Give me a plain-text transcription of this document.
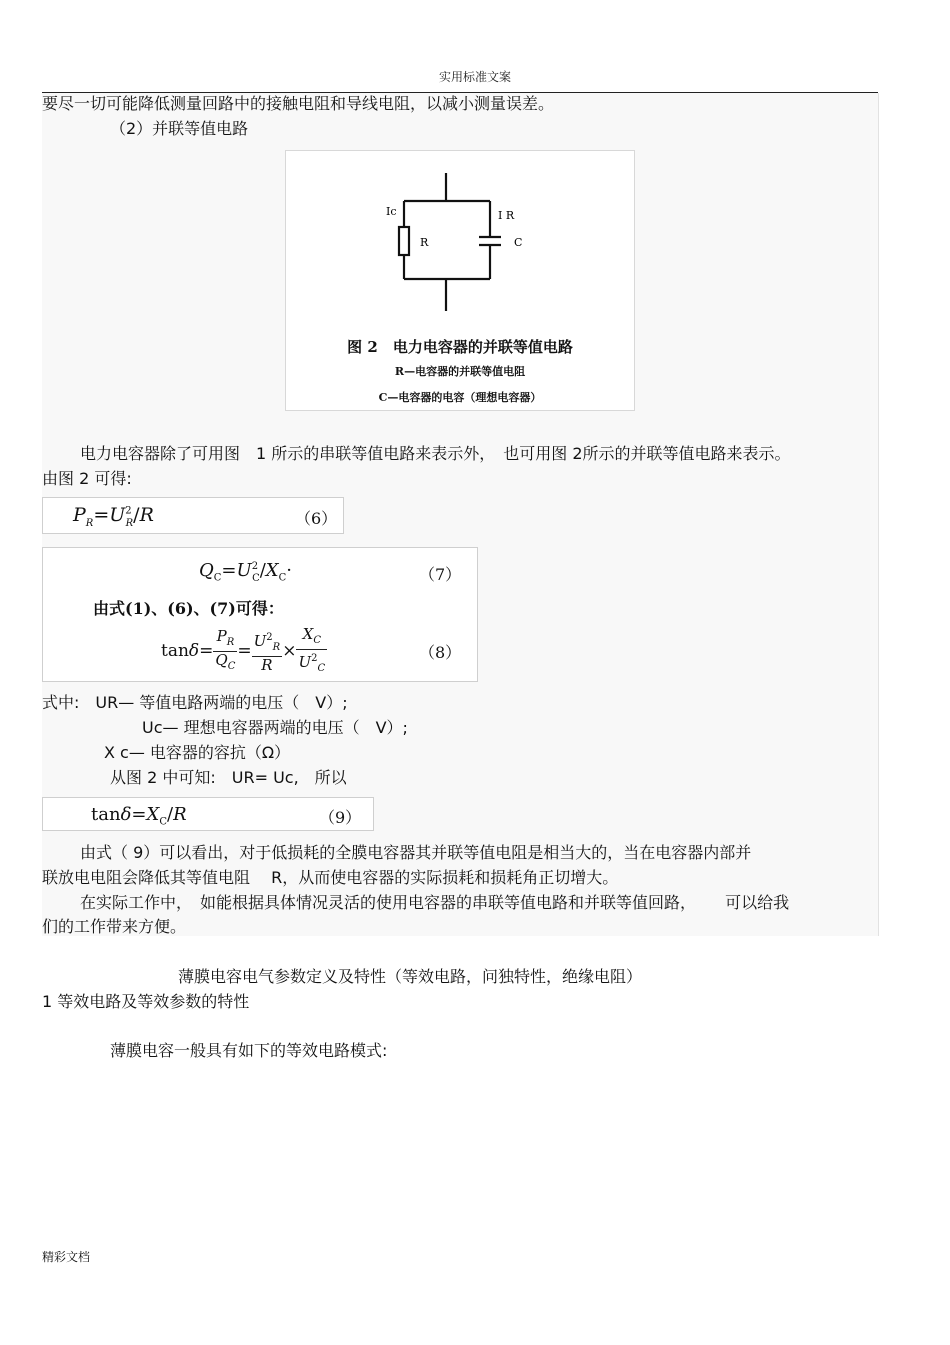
实用标准文案
要尽一切可能降低测量回路中的接触电阻和导线电阻，以减小测量误差。
（2）并联等值电路
Ic
R
I R
C
图 2　电力电容器的并联等值电路
R—电容器的并联等值电阻
C—电容器的电容（理想电容器）
电力电容器除了可用图　1 所示的串联等值电路来表示外，　也可用图 2所示的并联等值电路来表示。
由图 2 可得:
$P_R=U^2_R/R$	（6）
$Q_C=U^2_C/X_C\cdot$	（7）
由式(1)、(6)、(7)可得：
$\tan\delta= \frac{P_R}{Q_C} = \frac{U^2_R}{R} \times \frac{X_C}{U^2_C}$	（8）
式中:　UR— 等值电路两端的电压（　V）;
Uc— 理想电容器两端的电压（　V）;
X c— 电容器的容抗（Ω）
从图 2 中可知:　UR= Uc,　所以
$\tan\delta=X_C/R$	（9）
由式（ 9）可以看出，对于低损耗的全膜电容器其并联等值电阻是相当大的，当在电容器内部并
联放电电阻会降低其等值电阻　 R，从而使电容器的实际损耗和损耗角正切增大。
在实际工作中，　如能根据具体情况灵活的使用电容器的串联等值电路和并联等值回路，　　 可以给我
们的工作带来方便。
薄膜电容电气参数定义及特性（等效电路，问独特性，绝缘电阻）
1 等效电路及等效参数的特性
薄膜电容一般具有如下的等效电路模式:
精彩文档
